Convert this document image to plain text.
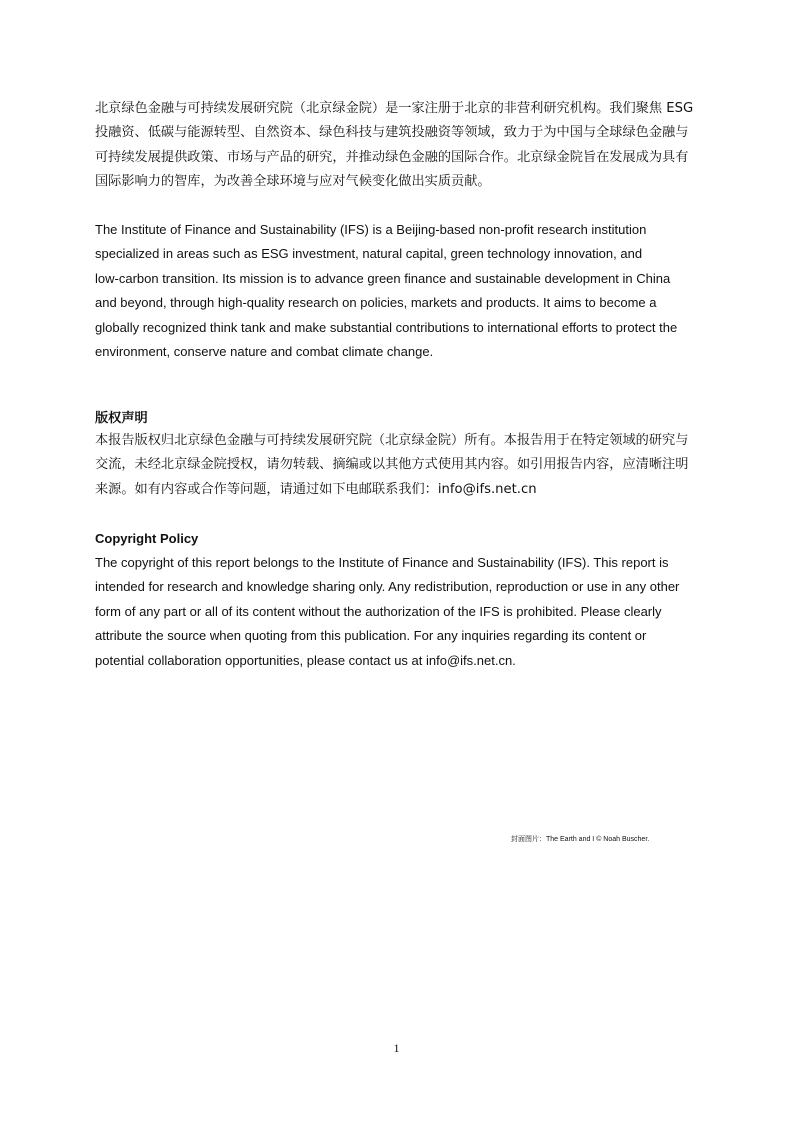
北京绿色金融与可持续发展研究院（北京绿金院）是一家注册于北京的非营利研究机构。我们聚焦 ESG
投融资、低碳与能源转型、自然资本、绿色科技与建筑投融资等领域，致力于为中国与全球绿色金融与
可持续发展提供政策、市场与产品的研究，并推动绿色金融的国际合作。北京绿金院旨在发展成为具有
国际影响力的智库，为改善全球环境与应对气候变化做出实质贡献。

The Institute of Finance and Sustainability (IFS) is a Beijing-based non-profit research institution
specialized in areas such as ESG investment, natural capital, green technology innovation, and
low-carbon transition. Its mission is to advance green finance and sustainable development in China
and beyond, through high-quality research on policies, markets and products. It aims to become a
globally recognized think tank and make substantial contributions to international efforts to protect the
environment, conserve nature and combat climate change.

版权声明

本报告版权归北京绿色金融与可持续发展研究院（北京绿金院）所有。本报告用于在特定领域的研究与
交流，未经北京绿金院授权，请勿转载、摘编或以其他方式使用其内容。如引用报告内容，应清晰注明
来源。如有内容或合作等问题，请通过如下电邮联系我们：info@ifs.net.cn

Copyright Policy

The copyright of this report belongs to the Institute of Finance and Sustainability (IFS). This report is
intended for research and knowledge sharing only. Any redistribution, reproduction or use in any other
form of any part or all of its content without the authorization of the IFS is prohibited. Please clearly
attribute the source when quoting from this publication. For any inquiries regarding its content or
potential collaboration opportunities, please contact us at info@ifs.net.cn.

封面图片：The Earth and I © Noah Buscher.
1
